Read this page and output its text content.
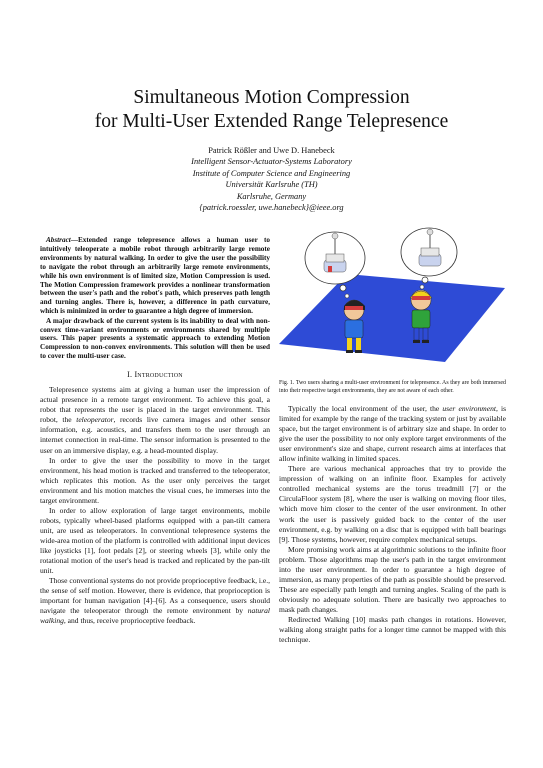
Simultaneous Motion Compression
for Multi-User Extended Range Telepresence
Patrick Rößler and Uwe D. Hanebeck
Intelligent Sensor-Actuator-Systems Laboratory
Institute of Computer Science and Engineering
Universität Karlsruhe (TH)
Karlsruhe, Germany
{patrick.roessler, uwe.hanebeck}@ieee.org

Abstract—Extended range telepresence allows a human user to intuitively teleoperate a mobile robot through arbitrarily large remote environments by natural walking. In order to give the user the possibility to navigate the robot through an arbitrarily large remote environments, while his own environment is of limited size, Motion Compression is used. The Motion Compression framework provides a nonlinear transformation between the user's path and the robot's path, which preserves path length and turning angles. There is, however, a difference in path curvature, which is minimized in order to guarantee a high degree of immersion.

A major drawback of the current system is its inability to deal with non-convex time-variant environments or environments shared by multiple users. This paper presents a systematic approach to extending Motion Compression to non-convex environments. This solution will then be used to cover the multi-user case.

I. Introduction

Telepresence systems aim at giving a human user the impression of actual presence in a remote target environment. To achieve this goal, a robot that represents the user is placed in the target environment. This robot, the teleoperator, records live camera images and other sensor information, e.g. acoustics, and transfers them to the user through an internet connection in real-time. The sensor information is presented to the user on an immersive display, e.g. a head-mounted display.

In order to give the user the possibility to move in the target environment, his head motion is tracked and transferred to the teleoperator, which replicates this motion. As the user only perceives the target environment and his motion matches the visual cues, he immerses into the target environment.

In order to allow exploration of large target environments, mobile robots, typically wheel-based platforms equipped with a pan-tilt camera unit, are used as teleoperators. In conventional telepresence systems the wide-area motion of the platform is controlled with additional input devices like joysticks [1], foot pedals [2], or steering wheels [3], while only the rotational motion of the user's head is tracked and replicated by the pan-tilt unit.

Those conventional systems do not provide proprioceptive feedback, i.e., the sense of self motion. However, there is evidence, that proprioception is important for human navigation [4]–[6]. As a consequence, users should navigate the teleoperator through the remote environment by natural walking, and thus, receive proprioceptive feedback.

Fig. 1. Two users sharing a multi-user environment for telepresence. As they are both immersed into their respective target environments, they are not aware of each other.

Typically the local environment of the user, the user environment, is limited for example by the range of the tracking system or just by available space, but the target environment is of arbitrary size and shape. In order to give the user the possibility to not only explore target environments of the user environment's size and shape, current research aims at interfaces that allow infinite walking in limited spaces.

There are various mechanical approaches that try to provide the impression of walking on an infinite floor. Examples for actively controlled mechanical systems are the torus treadmill [7] or the CirculaFloor system [8], where the user is walking on moving floor tiles, which move him closer to the center of the user environment. In other work the user is passively guided back to the center of the user environment, e.g. by walking on a disc that is equipped with ball bearings [9]. Those systems, however, require complex mechanical setups.

More promising work aims at algorithmic solutions to the infinite floor problem. Those algorithms map the user's path in the target environment into the user environment. In order to guarantee a high degree of immersion, as many properties of the path as possible should be preserved. These are especially path length and turning angles. Scaling of the path is obviously no adequate solution. There are basically two approaches to mask path changes.

Redirected Walking [10] masks path changes in rotations. However, walking along straight paths for a longer time cannot be mapped with this technique.
